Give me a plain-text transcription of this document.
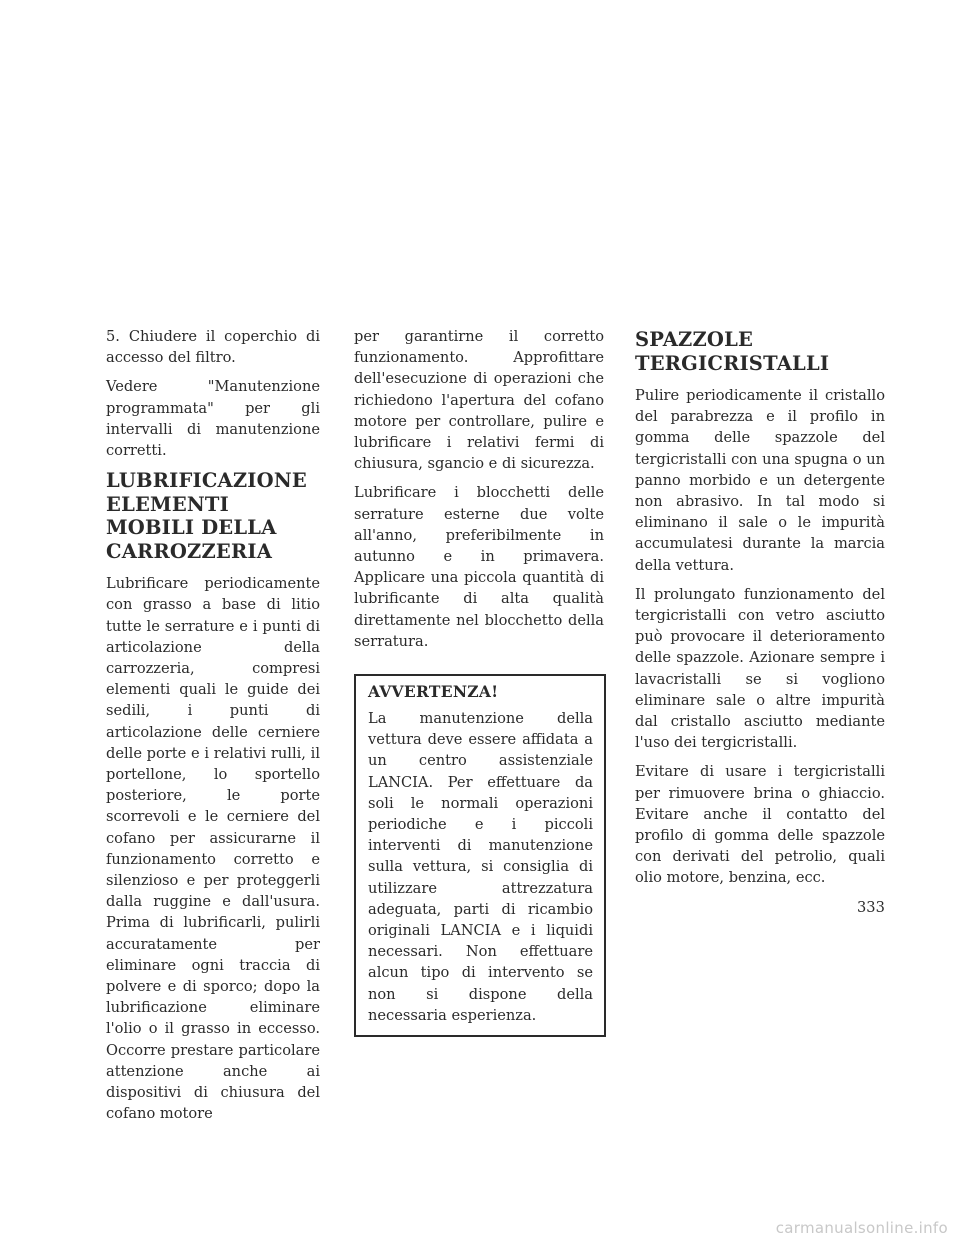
5. Chiudere il coperchio di accesso del filtro.

Vedere "Manutenzione programmata" per gli intervalli di manutenzione corretti.

LUBRIFICAZIONE ELEMENTI MOBILI DELLA CARROZZERIA

Lubrificare periodicamente con grasso a base di litio tutte le serrature e i punti di articolazione della carrozzeria, compresi elementi quali le guide dei sedili, i punti di articolazione delle cerniere delle porte e i relativi rulli, il portellone, lo sportello posteriore, le porte scorrevoli e le cerniere del cofano per assicurarne il funzionamento corretto e silenzioso e per proteggerli dalla ruggine e dall'usura. Prima di lubrificarli, pulirli accuratamente per eliminare ogni traccia di polvere e di sporco; dopo la lubrificazione eliminare l'olio o il grasso in eccesso. Occorre prestare particolare attenzione anche ai dispositivi di chiusura del cofano motore

per garantirne il corretto funzionamento. Approfittare dell'esecuzione di operazioni che richiedono l'apertura del cofano motore per controllare, pulire e lubrificare i relativi fermi di chiusura, sgancio e di sicurezza.

Lubrificare i blocchetti delle serrature esterne due volte all'anno, preferibilmente in autunno e in primavera. Applicare una piccola quantità di lubrificante di alta qualità direttamente nel blocchetto della serratura.

AVVERTENZA!

La manutenzione della vettura deve essere affidata a un centro assistenziale LANCIA. Per effettuare da soli le normali operazioni periodiche e i piccoli interventi di manutenzione sulla vettura, si consiglia di utilizzare attrezzatura adeguata, parti di ricambio originali LANCIA e i liquidi necessari. Non effettuare alcun tipo di intervento se non si dispone della necessaria esperienza.

SPAZZOLE TERGICRISTALLI

Pulire periodicamente il cristallo del parabrezza e il profilo in gomma delle spazzole del tergicristalli con una spugna o un panno morbido e un detergente non abrasivo. In tal modo si eliminano il sale o le impurità accumulatesi durante la marcia della vettura.

Il prolungato funzionamento del tergicristalli con vetro asciutto può provocare il deterioramento delle spazzole. Azionare sempre i lavacristalli se si vogliono eliminare sale o altre impurità dal cristallo asciutto mediante l'uso dei tergicristalli.

Evitare di usare i tergicristalli per rimuovere brina o ghiaccio. Evitare anche il contatto del profilo di gomma delle spazzole con derivati del petrolio, quali olio motore, benzina, ecc.

333
carmanualsonline.info
